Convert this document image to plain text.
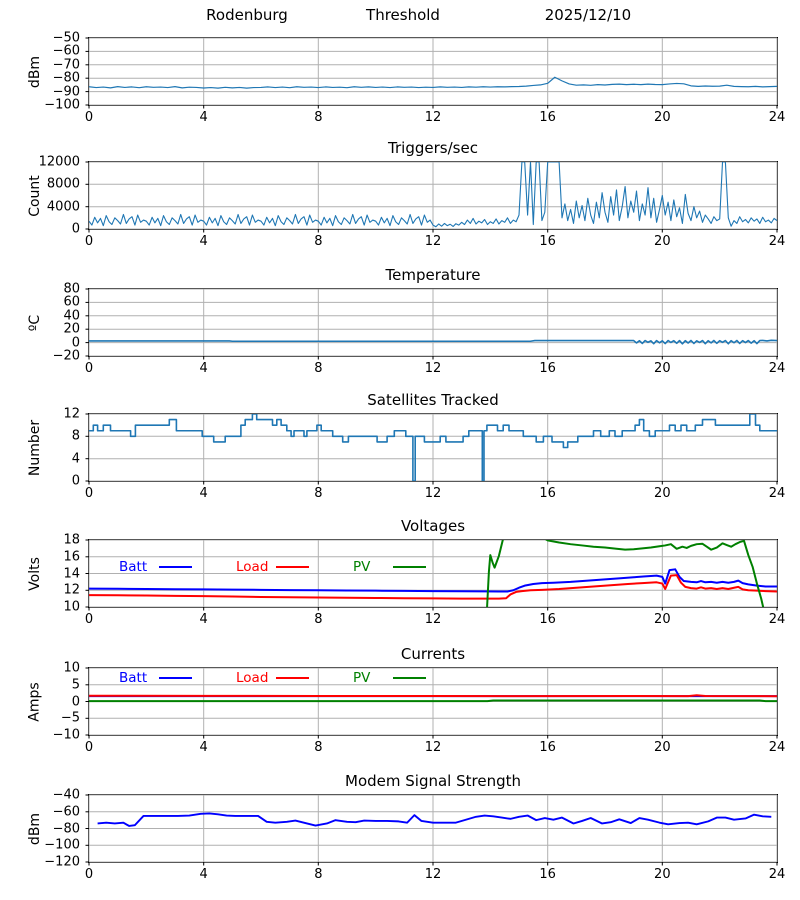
Rodenburg	Threshold	2025/12/10
dBm
0	4	8	12	16	20	24
−100
−90
−80
−70
−60
−50
Triggers/sec
Count
0	4	8	12	16	20	24
0
4000
8000
12000
Temperature
ºC
0	4	8	12	16	20	24
−20
0
20
40
60
80
Satellites Tracked
Number
0	4	8	12	16	20	24
0
4
8
12
Voltages
Volts
0	4	8	12	16	20	24
10
12
14
16
18
Batt	Load	PV
Currents
Amps
0	4	8	12	16	20	24
−10
−5
0
5
10
Batt	Load	PV
Modem Signal Strength
dBm
0	4	8	12	16	20	24
−120
−100
−80
−60
−40
